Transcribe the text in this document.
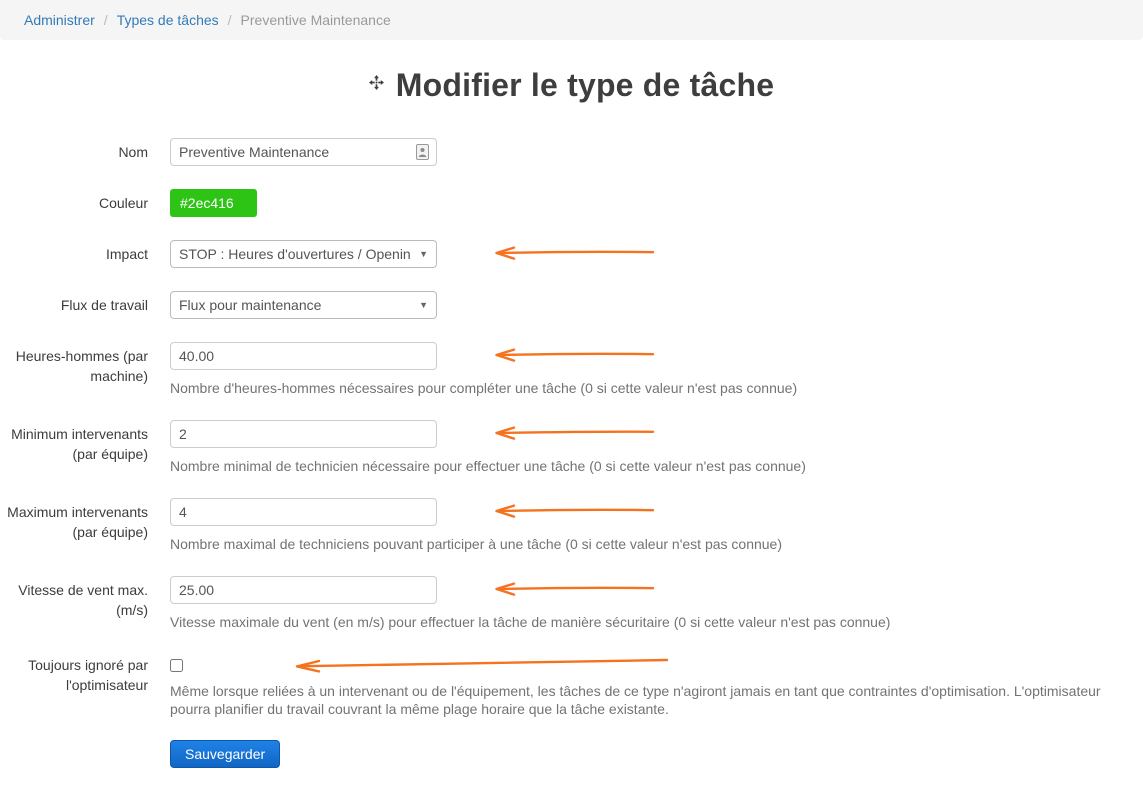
Administrer / Types de tâches / Preventive Maintenance
Modifier le type de tâche
Nom
Preventive Maintenance
Couleur	#2ec416
Impact STOP : Heures d'ouvertures / Openin ▼
Flux de travail Flux pour maintenance	▼
Heures-hommes (par machine)
40.00
Nombre d'heures-hommes nécessaires pour compléter une tâche (0 si cette valeur n'est pas connue)
Minimum intervenants (par équipe)
2
Nombre minimal de technicien nécessaire pour effectuer une tâche (0 si cette valeur n'est pas connue)
Maximum intervenants (par équipe)
4
Nombre maximal de techniciens pouvant participer à une tâche (0 si cette valeur n'est pas connue)
Vitesse de vent max. (m/s)
25.00
Vitesse maximale du vent (en m/s) pour effectuer la tâche de manière sécuritaire (0 si cette valeur n'est pas connue)
Toujours ignoré par l'optimisateur Même lorsque reliées à un intervenant ou de l'équipement, les tâches de ce type n'agiront jamais en tant que contraintes d'optimisation. L'optimisateur pourra planifier du travail couvrant la même plage horaire que la tâche existante.
Sauvegarder
